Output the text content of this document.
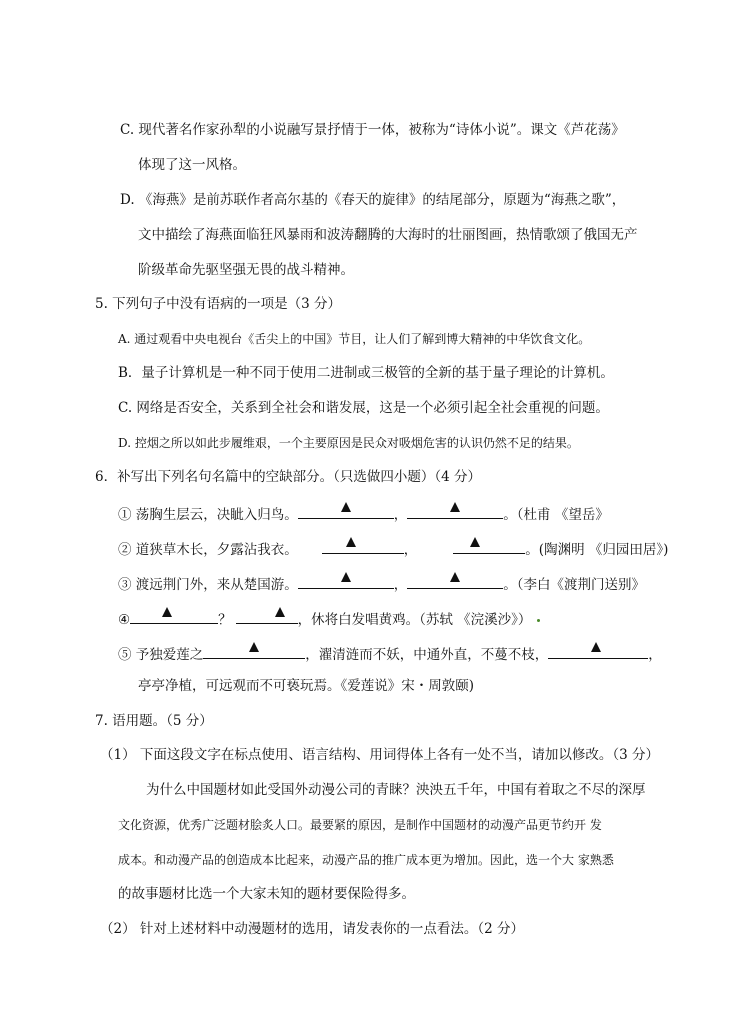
C. 现代著名作家孙犁的小说融写景抒情于一体，被称为“诗体小说”。课文《芦花荡》
体现了这一风格。
D. 《海燕》是前苏联作者高尔基的《春天的旋律》的结尾部分，原题为“海燕之歌”，
文中描绘了海燕面临狂风暴雨和波涛翻腾的大海时的壮丽图画，热情歌颂了俄国无产
阶级革命先驱坚强无畏的战斗精神。
5. 下列句子中没有语病的一项是（3 分）
A. 通过观看中央电视台《舌尖上的中国》节目，让人们了解到博大精神的中华饮食文化。
B．量子计算机是一种不同于使用二进制或三极管的全新的基于量子理论的计算机。
C. 网络是否安全，关系到全社会和谐发展，这是一个必须引起全社会重视的问题。
D. 控烟之所以如此步履维艰，一个主要原因是民众对吸烟危害的认识仍然不足的结果。
6．补写出下列名句名篇中的空缺部分。（只选做四小题）（4 分）
① 荡胸生层云，决眦入归鸟。	，	。（杜甫 《望岳》
② 道狭草木长，夕露沾我衣。	，	。(陶渊明 《归园田居》)
③ 渡远荆门外，来从楚国游。	，	。（李白《渡荆门送别》
④	？	，休将白发唱黄鸡。（苏轼 《浣溪沙》）
⑤ 予独爱莲之	，濯清涟而不妖，中通外直，不蔓不枝，	，
亭亭净植，可远观而不可亵玩焉。《爱莲说》宋・周敦颐)
7. 语用题。（5 分）
（1） 下面这段文字在标点使用、语言结构、用词得体上各有一处不当，请加以修改。（3 分）
为什么中国题材如此受国外动漫公司的青睐？泱泱五千年，中国有着取之不尽的深厚
文化资源，优秀广泛题材脍炙人口。最要紧的原因，是制作中国题材的动漫产品更节约开 发
成本。和动漫产品的创造成本比起来，动漫产品的推广成本更为增加。因此，选一个大 家熟悉
的故事题材比选一个大家未知的题材要保险得多。
（2） 针对上述材料中动漫题材的选用，请发表你的一点看法。（2 分）
